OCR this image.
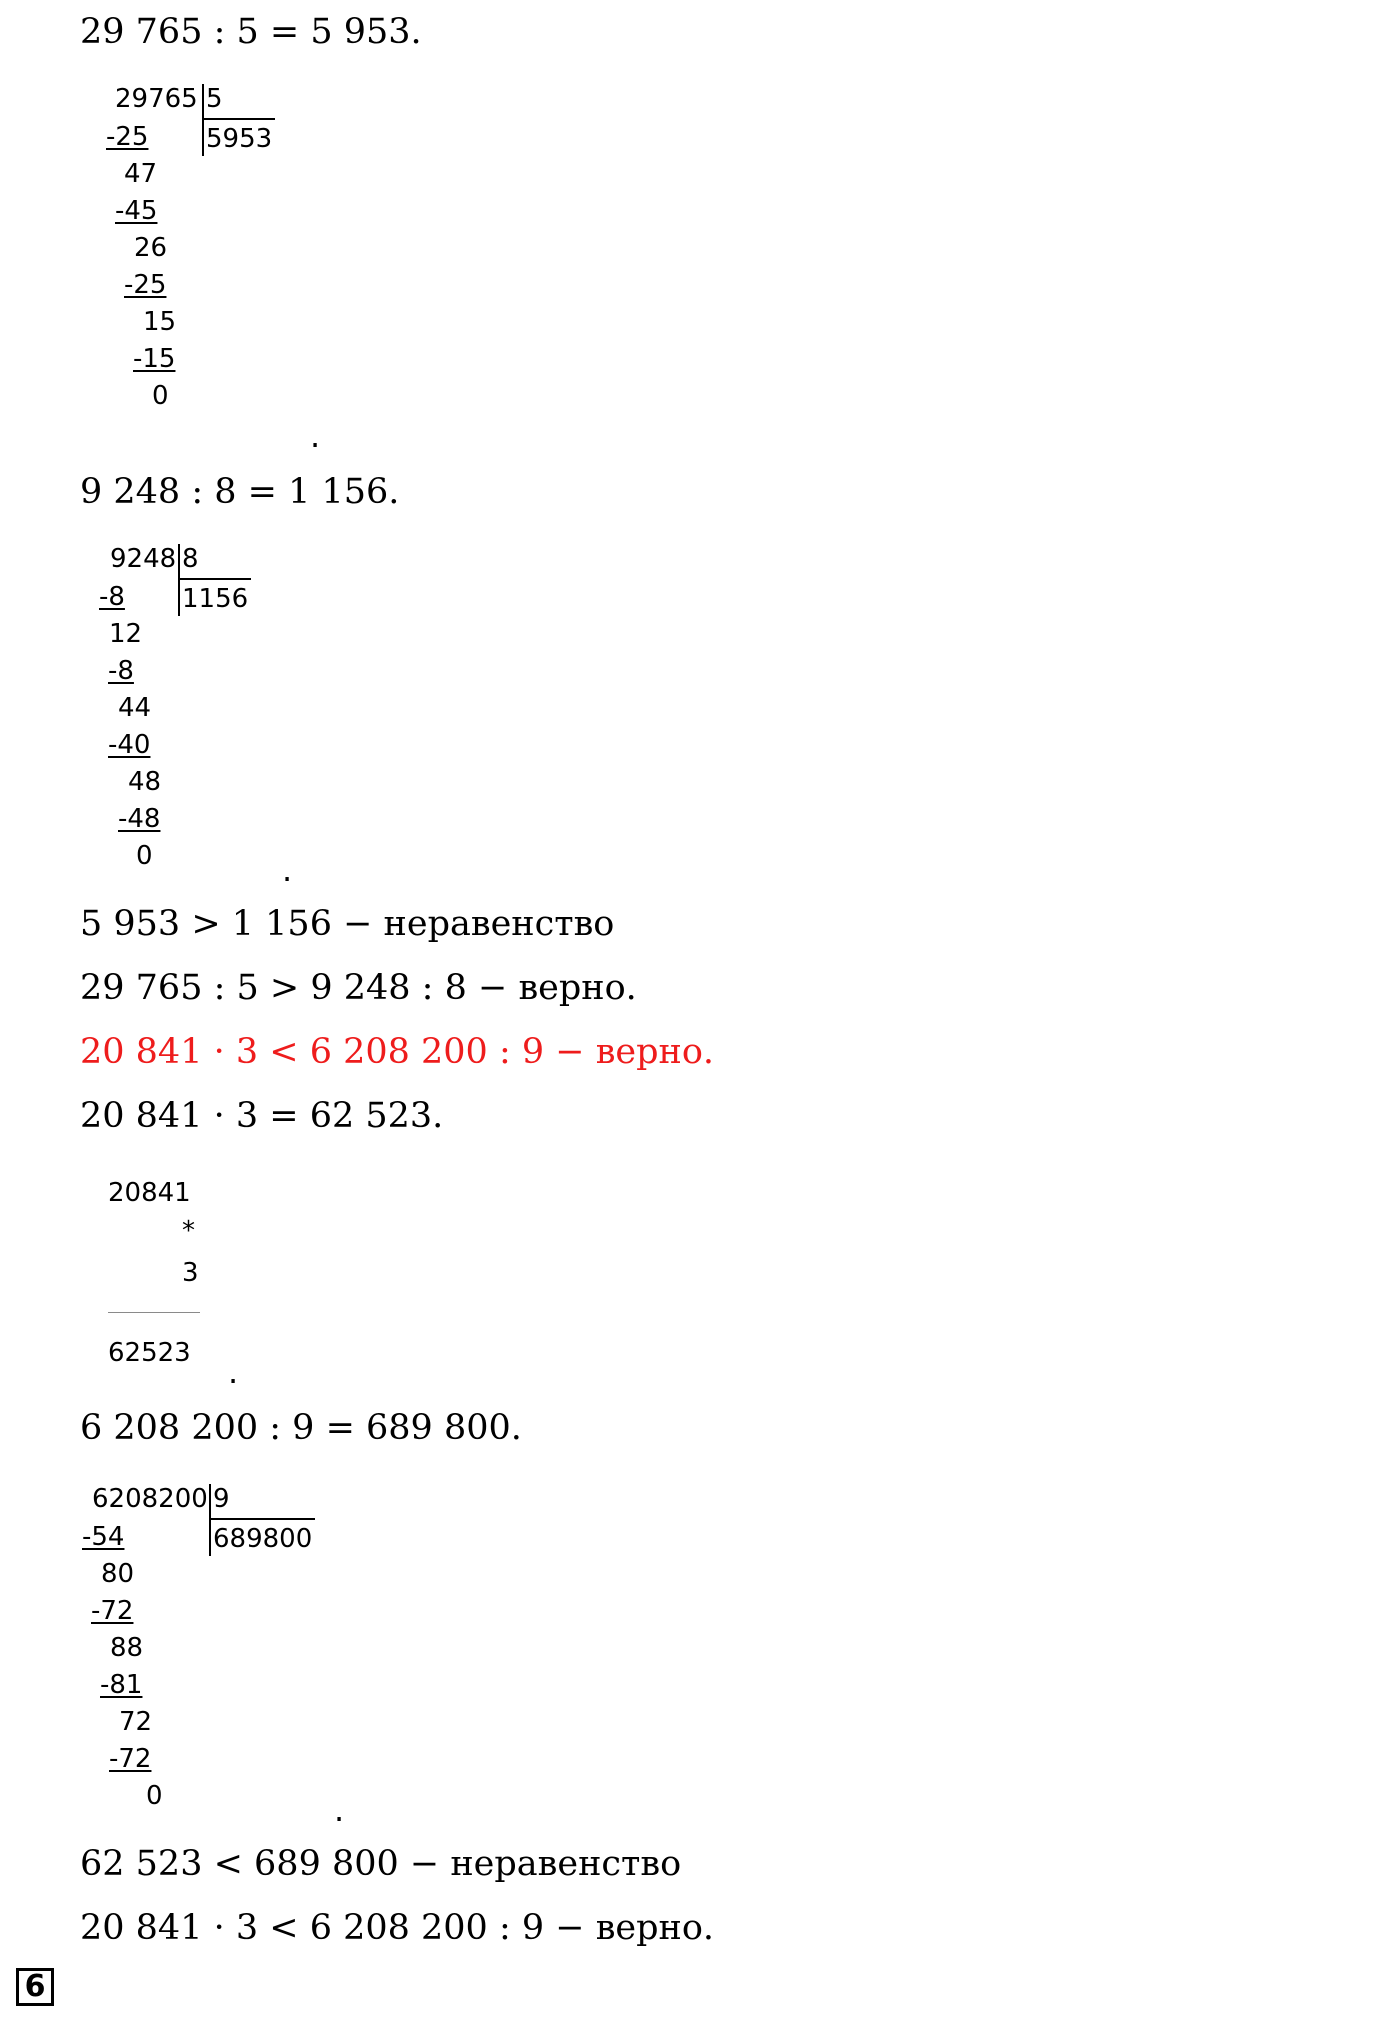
29 765 : 5 = 5 953.
29765 5
5953
-25
47
-45
26
-25
15
-15
0
.
9 248 : 8 = 1 156.
9248 8
1156
-8
12
-8
44
-40
48
-48
0	.
5 953 > 1 156 − неравенство
29 765 : 5 > 9 248 : 8 − верно.
20 841 · 3 < 6 208 200 : 9 − верно.
20 841 · 3 = 62 523.
20841
*
3
62523 .
6 208 200 : 9 = 689 800.
6208200 9
689800
-54
80
-72
88
-81
72
-72
0	.
62 523 < 689 800 − неравенство
20 841 · 3 < 6 208 200 : 9 − верно.
6
